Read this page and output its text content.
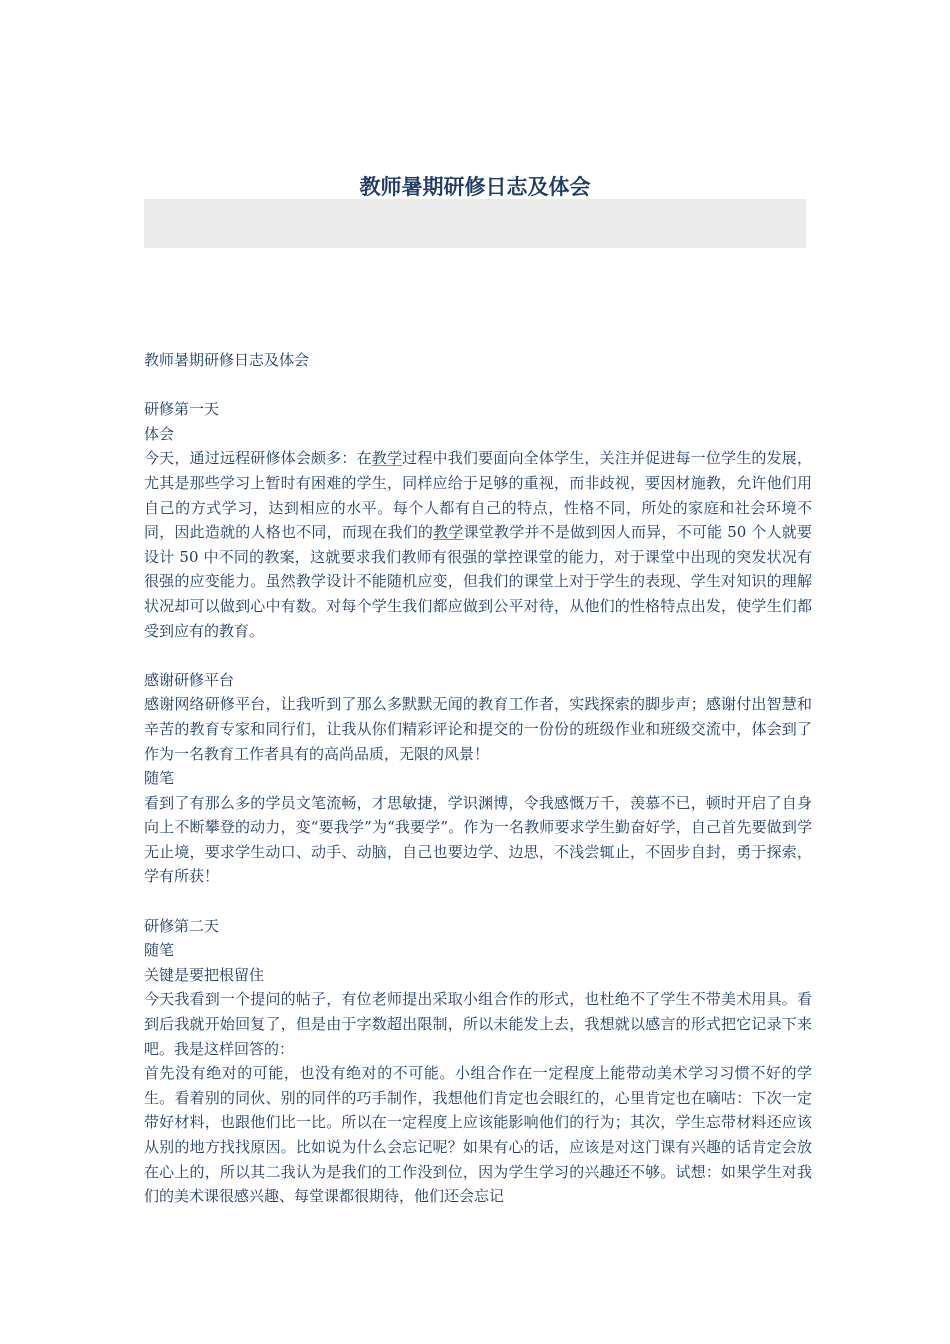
教师暑期研修日志及体会

教师暑期研修日志及体会

研修第一天

体会

今天，通过远程研修体会颇多：在教学过程中我们要面向全体学生，关注并促进每一位学生的发展，尤其是那些学习上暂时有困难的学生，同样应给于足够的重视，而非歧视，要因材施教，允许他们用自己的方式学习，达到相应的水平。每个人都有自己的特点，性格不同，所处的家庭和社会环境不同，因此造就的人格也不同，而现在我们的教学课堂教学并不是做到因人而异，不可能 50 个人就要设计 50 中不同的教案，这就要求我们教师有很强的掌控课堂的能力，对于课堂中出现的突发状况有很强的应变能力。虽然教学设计不能随机应变，但我们的课堂上对于学生的表现、学生对知识的理解状况却可以做到心中有数。对每个学生我们都应做到公平对待，从他们的性格特点出发，使学生们都受到应有的教育。

感谢研修平台

感谢网络研修平台，让我听到了那么多默默无闻的教育工作者，实践探索的脚步声；感谢付出智慧和辛苦的教育专家和同行们，让我从你们精彩评论和提交的一份份的班级作业和班级交流中，体会到了作为一名教育工作者具有的高尚品质，无限的风景！

随笔

看到了有那么多的学员文笔流畅，才思敏捷，学识渊博，令我感慨万千，羡慕不已，顿时开启了自身向上不断攀登的动力，变“要我学”为“我要学”。作为一名教师要求学生勤奋好学，自己首先要做到学无止境，要求学生动口、动手、动脑，自己也要边学、边思，不浅尝辄止，不固步自封，勇于探索，学有所获！

研修第二天

随笔

关键是要把根留住

今天我看到一个提问的帖子，有位老师提出采取小组合作的形式，也杜绝不了学生不带美术用具。看到后我就开始回复了，但是由于字数超出限制，所以未能发上去，我想就以感言的形式把它记录下来吧。我是这样回答的：

首先没有绝对的可能，也没有绝对的不可能。小组合作在一定程度上能带动美术学习习惯不好的学生。看着别的同伙、别的同伴的巧手制作，我想他们肯定也会眼红的，心里肯定也在嘀咕：下次一定带好材料，也跟他们比一比。所以在一定程度上应该能影响他们的行为；其次，学生忘带材料还应该从别的地方找找原因。比如说为什么会忘记呢？如果有心的话，应该是对这门课有兴趣的话肯定会放在心上的，所以其二我认为是我们的工作没到位，因为学生学习的兴趣还不够。试想：如果学生对我们的美术课很感兴趣、每堂课都很期待，他们还会忘记
